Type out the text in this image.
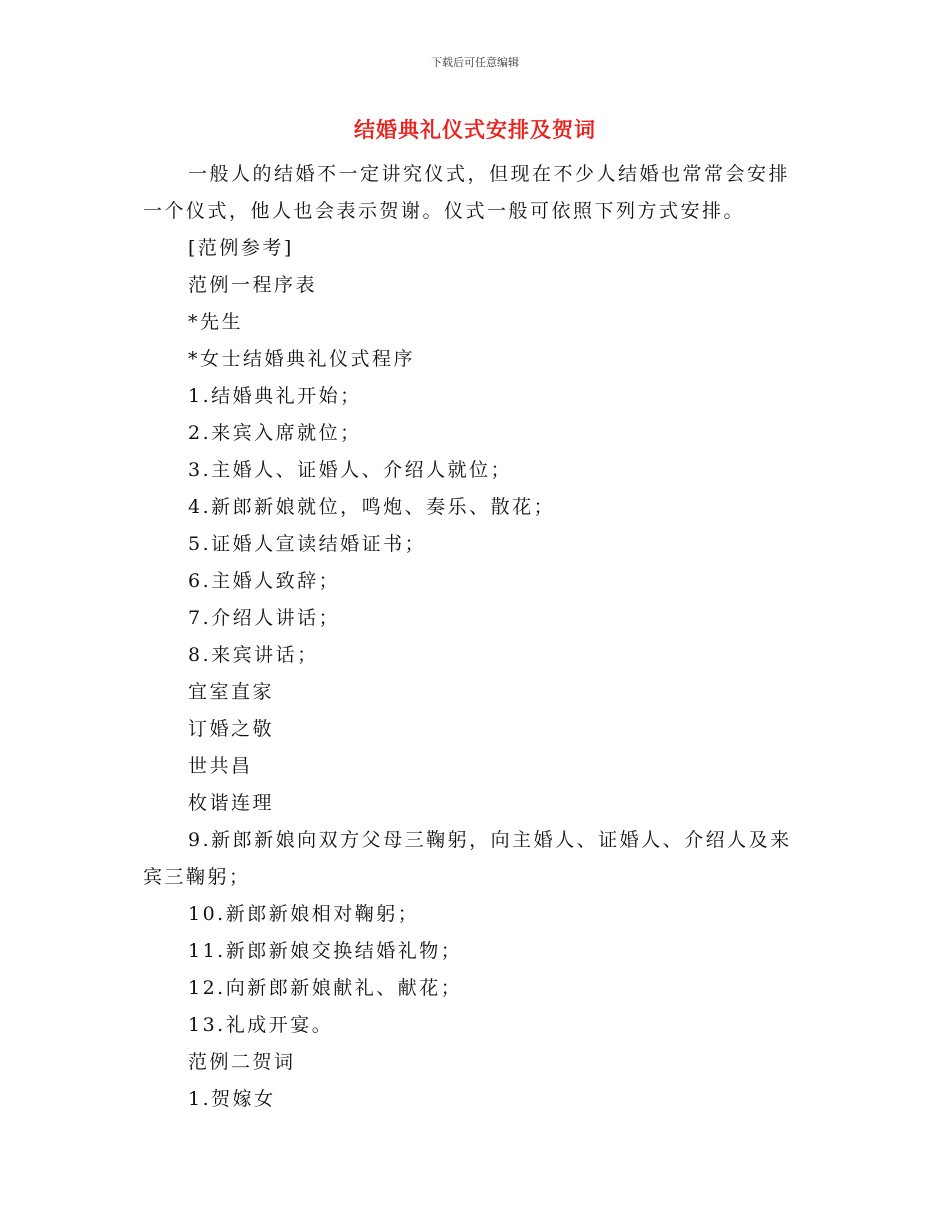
下载后可任意编辑
结婚典礼仪式安排及贺词

一般人的结婚不一定讲究仪式，但现在不少人结婚也常常会安排一个仪式，他人也会表示贺谢。仪式一般可依照下列方式安排。

[范例参考]

范例一程序表

*先生

*女士结婚典礼仪式程序

1.结婚典礼开始；

2.来宾入席就位；

3.主婚人、证婚人、介绍人就位；

4.新郎新娘就位，鸣炮、奏乐、散花；

5.证婚人宣读结婚证书；

6.主婚人致辞；

7.介绍人讲话；

8.来宾讲话；

宜室直家

订婚之敬

世共昌

枚谐连理

9.新郎新娘向双方父母三鞠躬，向主婚人、证婚人、介绍人及来宾三鞠躬；

10.新郎新娘相对鞠躬；

11.新郎新娘交换结婚礼物；

12.向新郎新娘献礼、献花；

13.礼成开宴。

范例二贺词

1.贺嫁女
